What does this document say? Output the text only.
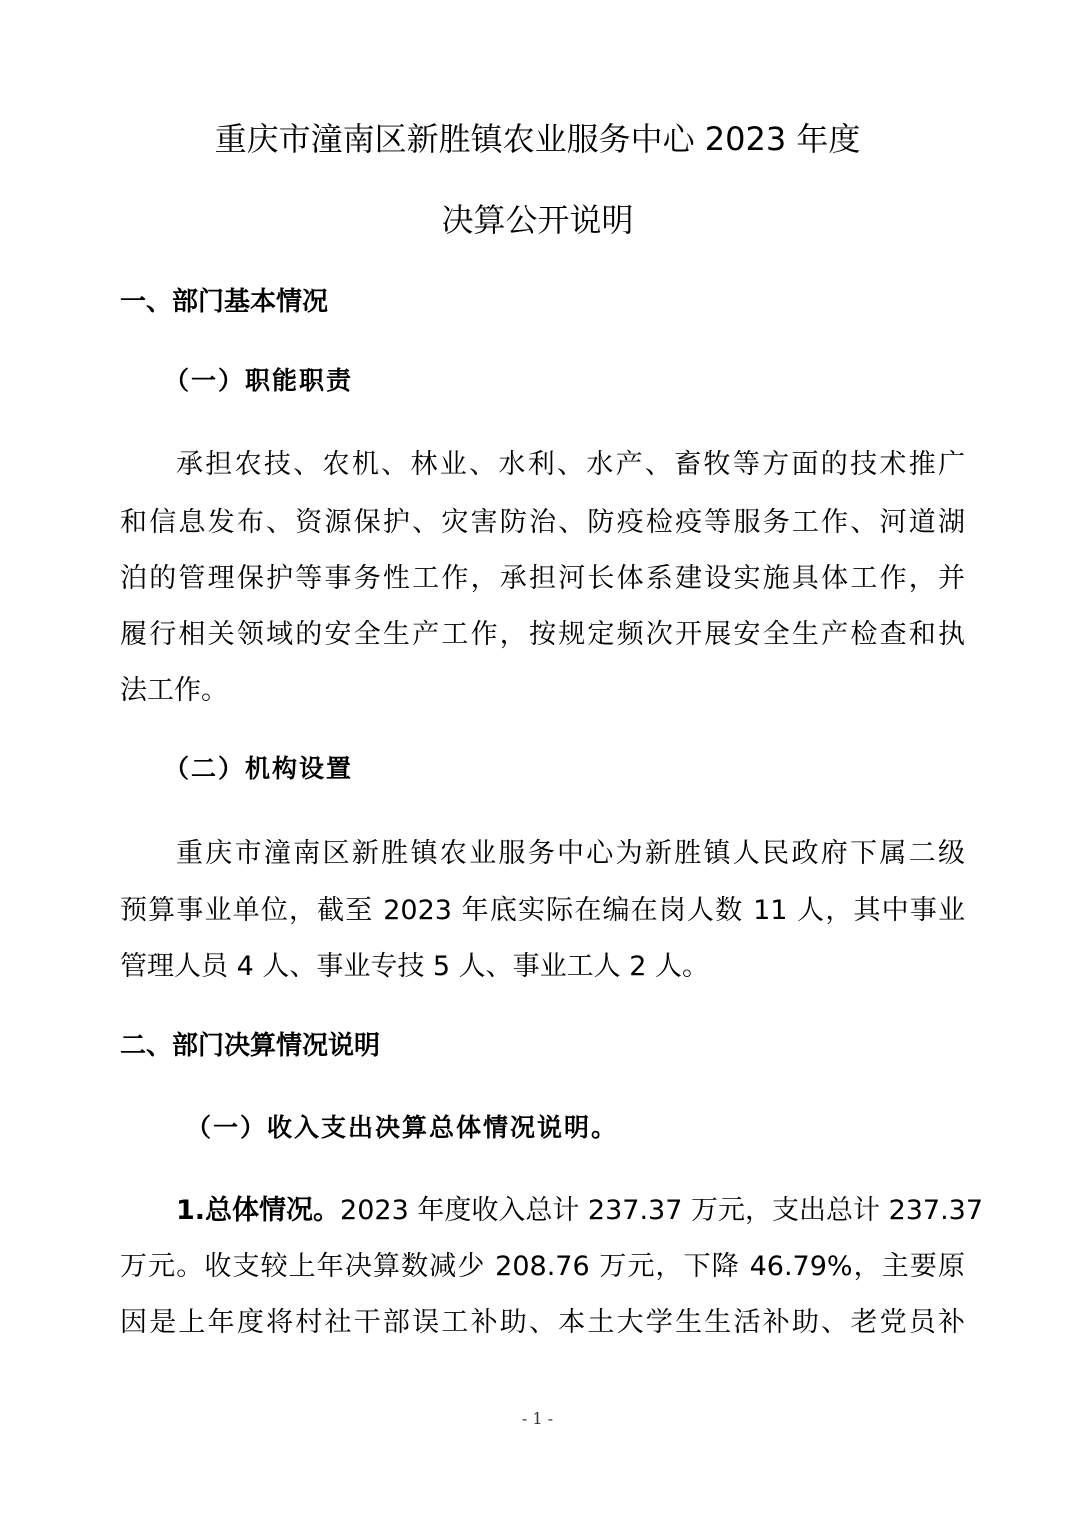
重庆市潼南区新胜镇农业服务中心 2023 年度
决算公开说明
一、部门基本情况
（一）职能职责
承担农技、农机、林业、水利、水产、畜牧等方面的技术推广
和信息发布、资源保护、灾害防治、防疫检疫等服务工作、河道湖
泊的管理保护等事务性工作，承担河长体系建设实施具体工作，并
履行相关领域的安全生产工作，按规定频次开展安全生产检查和执
法工作。
（二）机构设置
重庆市潼南区新胜镇农业服务中心为新胜镇人民政府下属二级
预算事业单位，截至 2023 年底实际在编在岗人数 11 人，其中事业
管理人员 4 人、事业专技 5 人、事业工人 2 人。
二、部门决算情况说明
（一）收入支出决算总体情况说明。
1.总体情况。2023 年度收入总计 237.37 万元，支出总计 237.37
万元。收支较上年决算数减少 208.76 万元，下降 46.79%，主要原
因是上年度将村社干部误工补助、本土大学生生活补助、老党员补
- 1 -
